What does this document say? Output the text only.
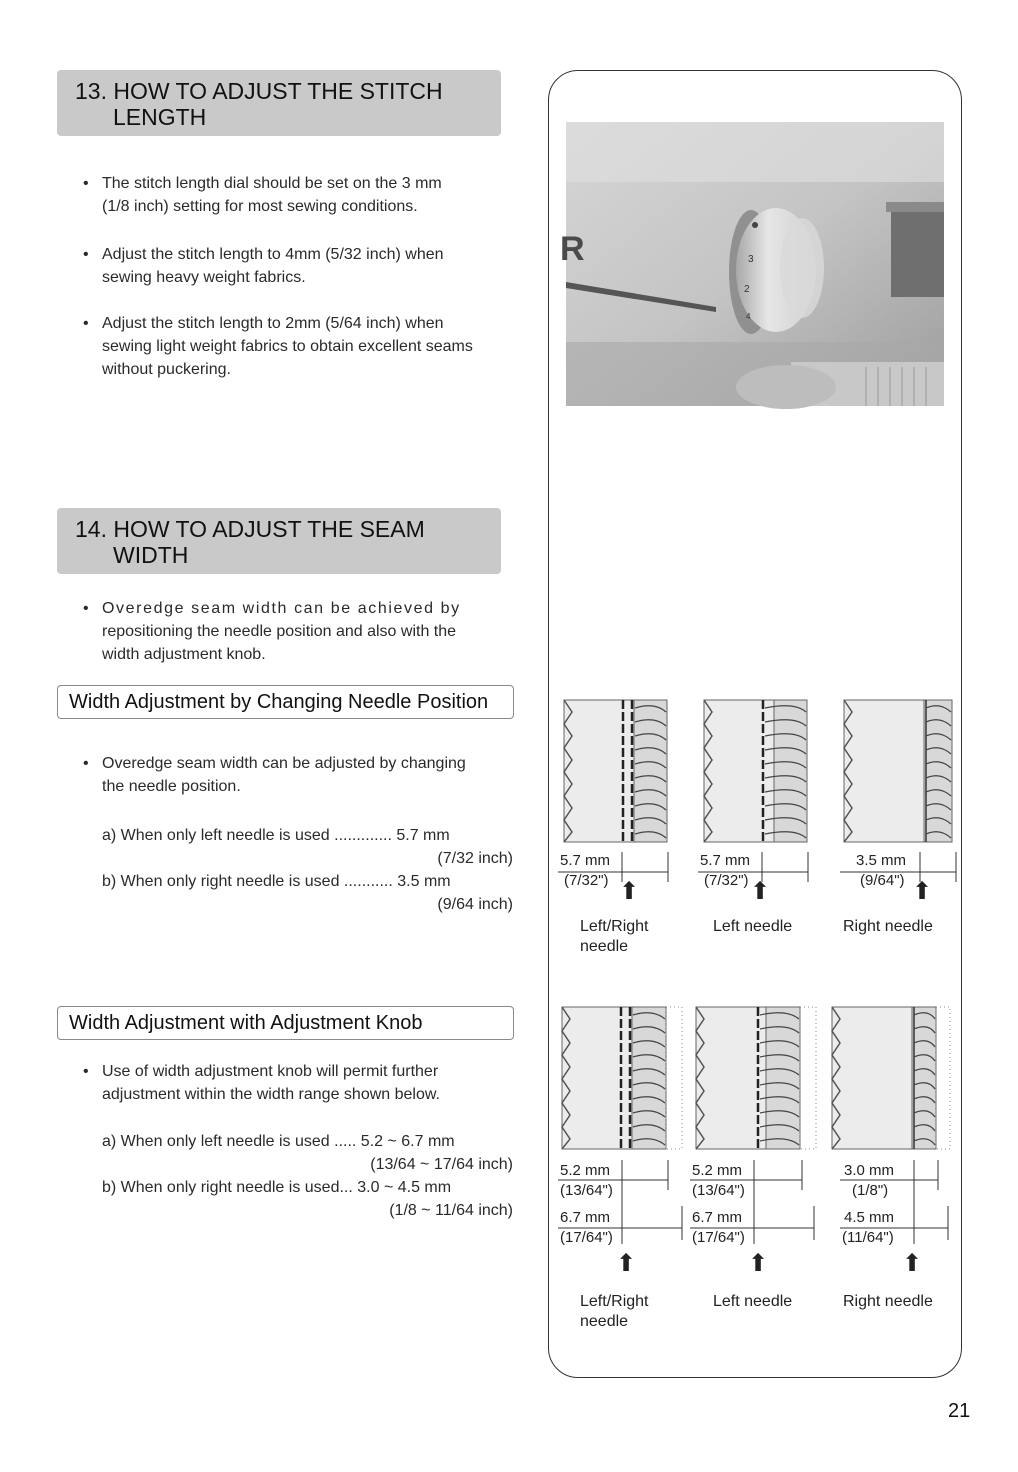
13. HOW TO ADJUST THE STITCH
LENGTH
• The stitch length dial should be set on the 3 mm
(1/8 inch) setting for most sewing conditions.
• Adjust the stitch length to 4mm (5/32 inch) when
sewing heavy weight fabrics.
• Adjust the stitch length to 2mm (5/64 inch) when
sewing light weight fabrics to obtain excellent seams
without puckering.
14. HOW TO ADJUST THE SEAM
WIDTH
• Overedge seam width can be achieved by
repositioning the needle position and also with the
width adjustment knob.
Width Adjustment by Changing Needle Position
• Overedge seam width can be adjusted by changing
the needle position.
a) When only left needle is used ............. 5.7 mm
(7/32 inch)
b) When only right needle is used ........... 3.5 mm
(9/64 inch)
Width Adjustment with Adjustment Knob
• Use of width adjustment knob will permit further
adjustment within the width range shown below.
a) When only left needle is used ..... 5.2 ~ 6.7 mm
(13/64 ~ 17/64 inch)
b) When only right needle is used... 3.0 ~ 4.5 mm
(1/8 ~ 11/64 inch)
R	3
2
4
5.7 mm
(7/32") ⬆
5.7 mm
(7/32") ⬆
3.5 mm
(9/64") ⬆
Left/Right
needle
Left needle	Right needle
5.2 mm
(13/64")
6.7 mm
(17/64")
⬆
5.2 mm
(13/64")
6.7 mm
(17/64")
⬆
3.0 mm
(1/8")
4.5 mm
(11/64")
⬆
Left/Right
needle
Left needle	Right needle
21
